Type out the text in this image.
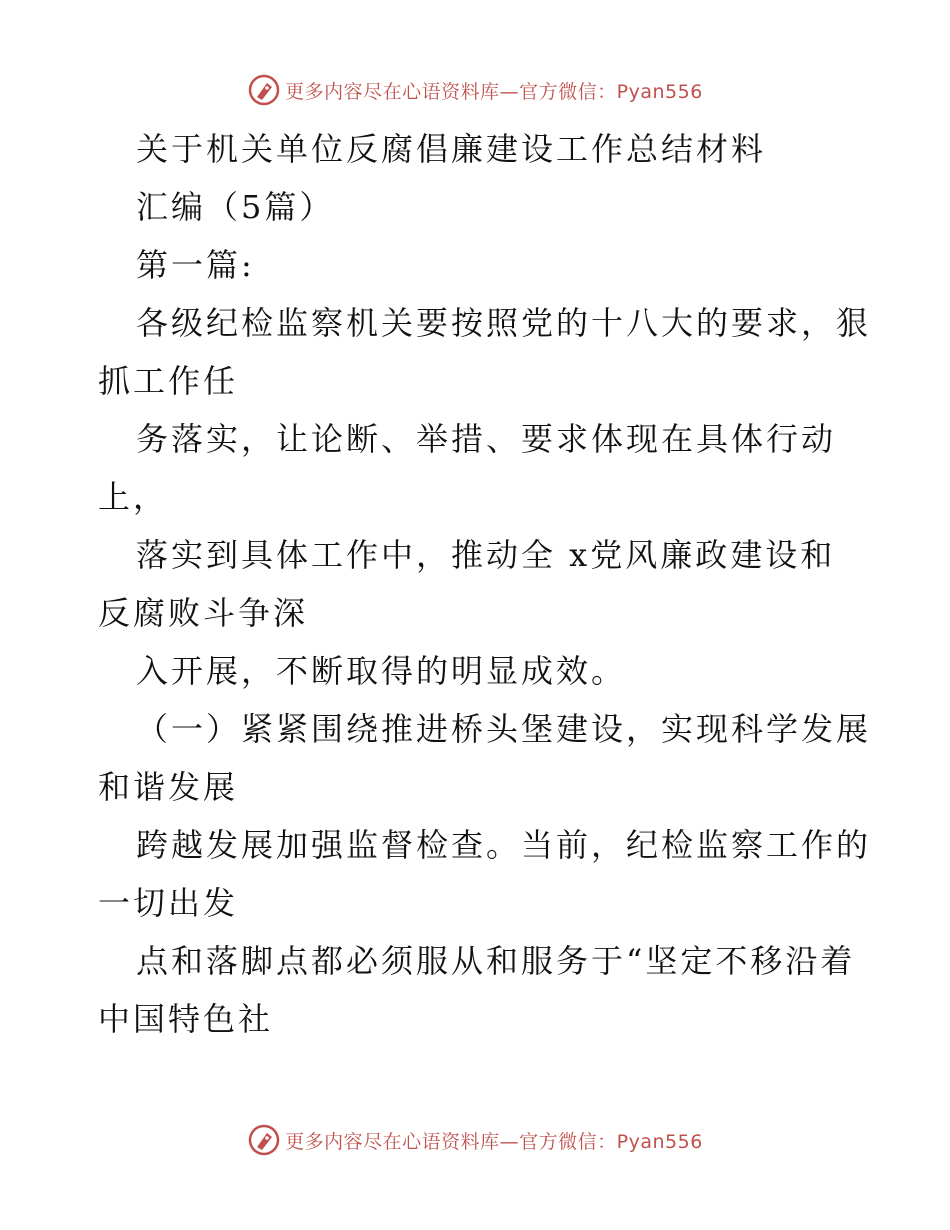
更多内容尽在心语资料库—官方微信：Pyan556
关于机关单位反腐倡廉建设工作总结材料
汇编（5篇）
第一篇:
各级纪检监察机关要按照党的十八大的要求，狠
抓工作任
务落实，让论断、举措、要求体现在具体行动
上，
落实到具体工作中，推动全 x党风廉政建设和
反腐败斗争深
入开展，不断取得的明显成效。
（一）紧紧围绕推进桥头堡建设，实现科学发展
和谐发展
跨越发展加强监督检查。当前，纪检监察工作的
一切出发
点和落脚点都必须服从和服务于“坚定不移沿着
中国特色社
更多内容尽在心语资料库—官方微信：Pyan556
